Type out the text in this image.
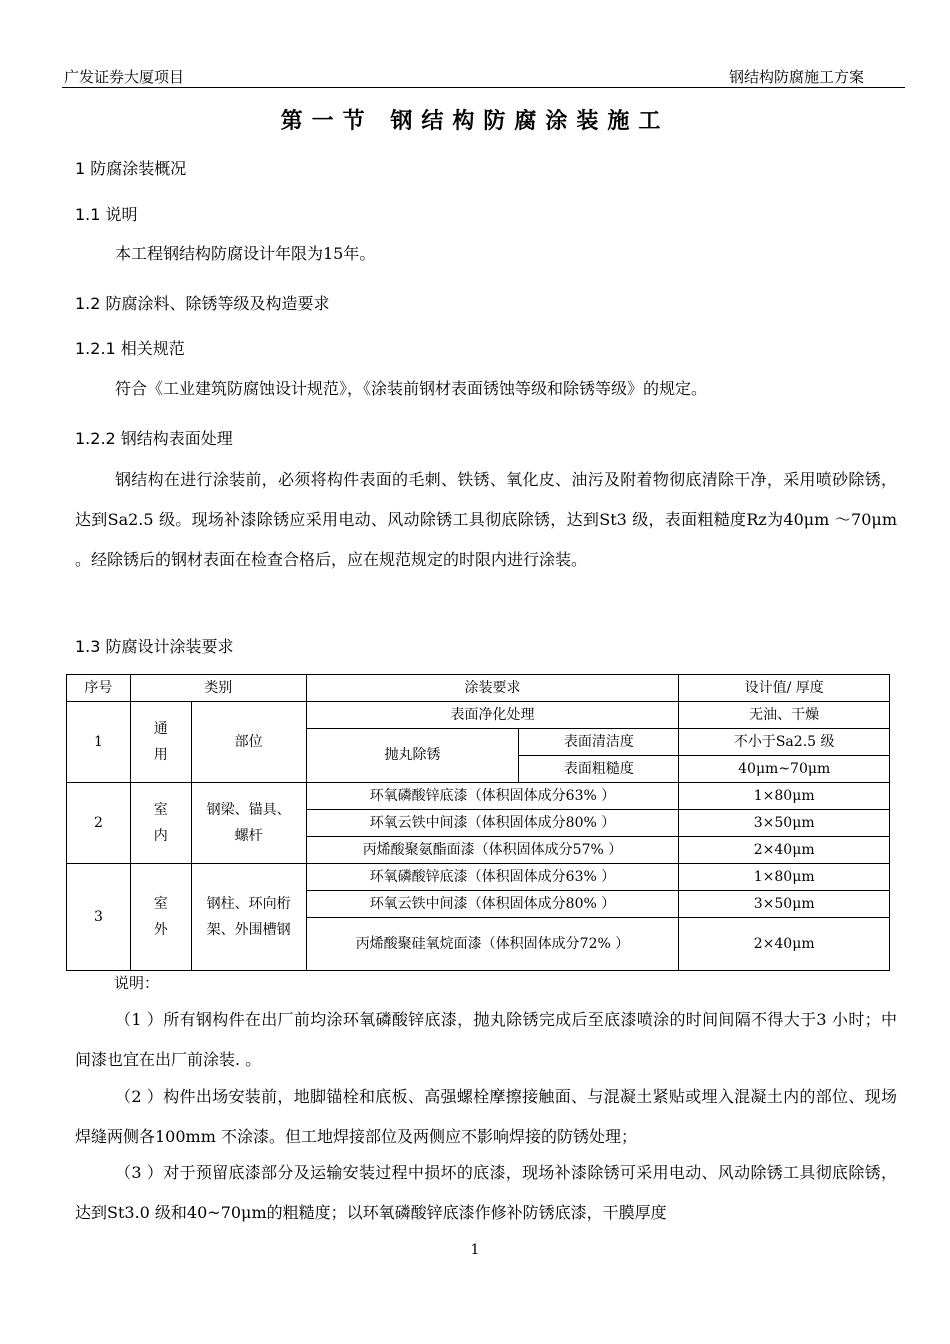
广发证券大厦项目	钢结构防腐施工方案
第一节 钢结构防腐涂装施工
1 防腐涂装概况
1.1 说明
本工程钢结构防腐设计年限为15年。
1.2 防腐涂料、除锈等级及构造要求
1.2.1 相关规范
符合《工业建筑防腐蚀设计规范》，《涂装前钢材表面锈蚀等级和除锈等级》的规定。
1.2.2 钢结构表面处理
钢结构在进行涂装前，必须将构件表面的毛刺、铁锈、氧化皮、油污及附着物彻底清除干净，采用喷砂除锈，达到Sa2.5 级。现场补漆除锈应采用电动、风动除锈工具彻底除锈，达到St3 级，表面粗糙度Rz为40μm ～70μm 。经除锈后的钢材表面在检查合格后，应在规范规定的时限内进行涂装。
1.3 防腐设计涂装要求
序号	类别		涂装要求		设计值/ 厚度
1	通用	部位	表面净化处理		无油、干燥
			抛丸除锈	表面清洁度	不小于Sa2.5 级
				表面粗糙度	40μm~70μm
2	室内	钢梁、锚具、螺杆	环氧磷酸锌底漆（体积固体成分63% ）		1×80μm
			环氧云铁中间漆（体积固体成分80% ）		3×50μm
			丙烯酸聚氨酯面漆（体积固体成分57% ）		2×40μm
3	室外	钢柱、环向桁架、外围槽钢	环氧磷酸锌底漆（体积固体成分63% ）		1×80μm
			环氧云铁中间漆（体积固体成分80% ）		3×50μm

			丙烯酸聚硅氧烷面漆（体积固体成分72% ）		2×40μm
说明：
（1 ）所有钢构件在出厂前均涂环氧磷酸锌底漆，抛丸除锈完成后至底漆喷涂的时间间隔不得大于3 小时；中间漆也宜在出厂前涂装. 。
（2 ）构件出场安装前，地脚锚栓和底板、高强螺栓摩擦接触面、与混凝土紧贴或埋入混凝土内的部位、现场焊缝两侧各100mm 不涂漆。但工地焊接部位及两侧应不影响焊接的防锈处理；
（3 ）对于预留底漆部分及运输安装过程中损坏的底漆，现场补漆除锈可采用电动、风动除锈工具彻底除锈，达到St3.0 级和40~70μm的粗糙度；以环氧磷酸锌底漆作修补防锈底漆，干膜厚度
1
